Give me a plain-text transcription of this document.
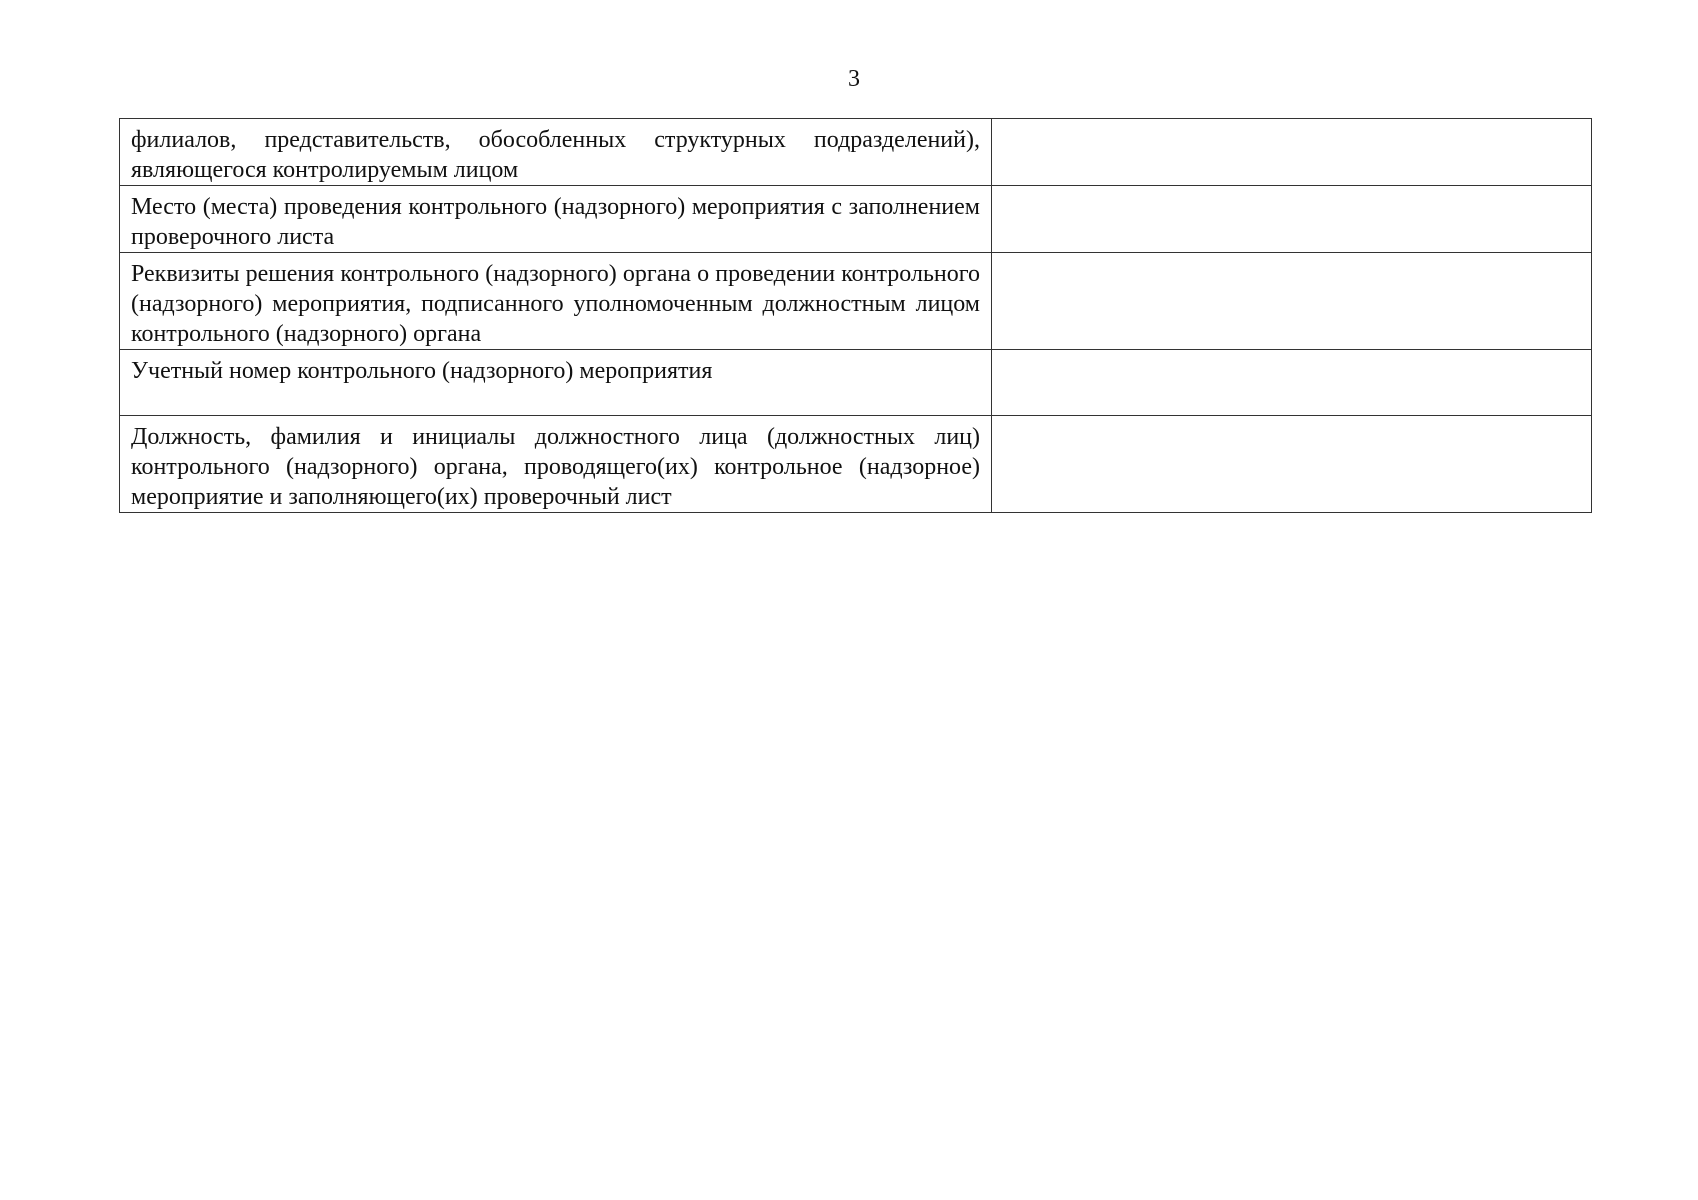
3
филиалов, представительств, обособленных структурных подразделений), являющегося контролируемым лицом	
Место (места) проведения контрольного (надзорного) мероприятия с заполнением проверочного листа	
Реквизиты решения контрольного (надзорного) органа о проведении контрольного (надзорного) мероприятия, подписанного уполномоченным должностным лицом контрольного (надзорного) органа	
Учетный номер контрольного (надзорного) мероприятия	
Должность, фамилия и инициалы должностного лица (должностных лиц) контрольного (надзорного) органа, проводящего(их) контрольное (надзорное) мероприятие и заполняющего(их) проверочный лист	
